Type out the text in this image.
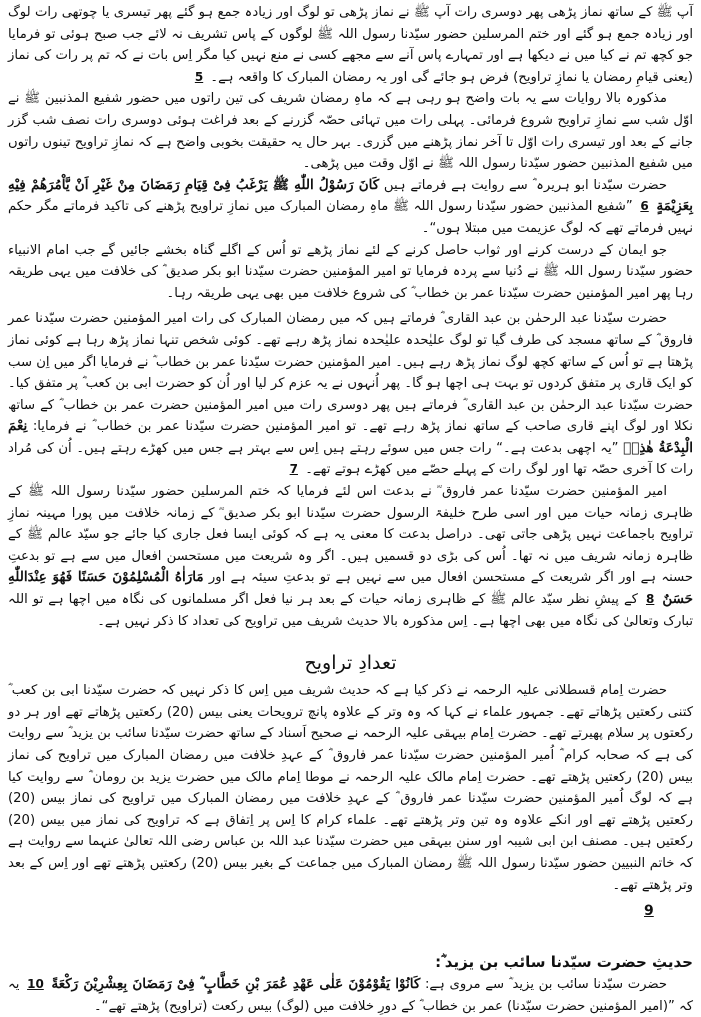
آپ ﷺ کے ساتھ نماز پڑھی پھر دوسری رات آپ ﷺ نے نماز پڑھی تو لوگ اور زیادہ جمع ہو گئے پھر تیسری یا چوتھی رات لوگ اور زیادہ جمع ہو گئے اور ختم المرسلین حضور سیّدنا رسول اللہ ﷺ لوگوں کے پاس تشریف نہ لائے جب صبح ہوئی تو فرمایا جو کچھ تم نے کیا میں نے دیکھا ہے اور تمہارے پاس آنے سے مجھے کسی نے منع نہیں کیا مگر اِس بات نے کہ تم پر رات کی نماز (یعنی قیامِ رمضان یا نمازِ تراویح) فرض ہو جائے گی اور یہ رمضان المبارک کا واقعہ ہے۔ 5

مذکورہ بالا روایات سے یہ بات واضح ہو رہی ہے کہ ماہِ رمضان شریف کی تین راتوں میں حضور شفیع المذنبین ﷺ نے اوّل شب سے نمازِ تراویح شروع فرمائی۔ پہلی رات میں تہائی حصّہ گزرنے کے بعد فراغت ہوئی دوسری رات نصف شب گزر جانے کے بعد اور تیسری رات اوّل تا آخر نماز پڑھنے میں گزری۔ بہر حال یہ حقیقت بخوبی واضح ہے کہ نمازِ تراویح تینوں راتوں میں شفیع المذنبین حضور سیّدنا رسول اللہ ﷺ نے اوّل وقت میں پڑھی۔

حضرت سیّدنا ابو ہریرہ ؓ سے روایت ہے فرماتے ہیں کَانَ رَسُوْلُ اللّٰهِ ﷺ یَرْغَبُ فِیْ قِیَامِ رَمَضَانَ مِنْ غَیْرِ اَنْ یَّاْمُرَهُمْ فِیْهِ بِعَزِیْمَةٍ 6 ”شفیع المذنبین حضور سیّدنا رسول اللہ ﷺ ماہِ رمضان المبارک میں نمازِ تراویح پڑھنے کی تاکید فرماتے مگر حکم نہیں فرماتے تھے کہ لوگ عزیمت میں مبتلا ہوں“۔

جو ایمان کے درست کرنے اور ثواب حاصل کرنے کے لئے نماز پڑھے تو اُس کے اگلے گناہ بخشے جائیں گے جب امام الانبیاء حضور سیّدنا رسول اللہ ﷺ نے دُنیا سے پردہ فرمایا تو امیر المؤمنین حضرت سیّدنا ابو بکر صدیق ؓ کی خلافت میں یہی طریقہ رہا پھر امیر المؤمنین حضرت سیّدنا عمر بن خطاب ؓ کی شروع خلافت میں بھی یہی طریقہ رہا۔

حضرت سیّدنا عبد الرحمٰن بن عبد القاری ؓ فرماتے ہیں کہ میں رمضان المبارک کی رات امیر المؤمنین حضرت سیّدنا عمر فاروق ؓ کے ساتھ مسجد کی طرف گیا تو لوگ علیٰحدہ علیٰحدہ نماز پڑھ رہے تھے۔ کوئی شخص تنہا نماز پڑھ رہا ہے کوئی نماز پڑھتا ہے تو اُس کے ساتھ کچھ لوگ نماز پڑھ رہے ہیں۔ امیر المؤمنین حضرت سیّدنا عمر بن خطاب ؓ نے فرمایا اگر میں اِن سب کو ایک قاری پر متفق کردوں تو بہت ہی اچھا ہو گا۔ پھر اُنہوں نے یہ عزم کر لیا اور اُن کو حضرت ابی بن کعب ؓ پر متفق کیا۔ حضرت سیّدنا عبد الرحمٰن بن عبد القاری ؓ فرماتے ہیں پھر دوسری رات میں امیر المؤمنین حضرت عمر بن خطاب ؓ کے ساتھ نکلا اور لوگ اپنے قاری صاحب کے ساتھ نماز پڑھ رہے تھے۔ تو امیر المؤمنین حضرت سیّدنا عمر بن خطاب ؓ نے فرمایا: نِعْمَ الْبِدْعَةُ هٰذِهٖ ”یہ اچھی بدعت ہے۔“ رات جس میں سوئے رہتے ہیں اِس سے بہتر ہے جس میں کھڑے رہتے ہیں۔ اُن کی مُراد رات کا آخری حصّہ تھا اور لوگ رات کے پہلے حصّے میں کھڑے ہوتے تھے۔ 7

امیر المؤمنین حضرت سیّدنا عمر فاروق ؓ نے بدعت اس لئے فرمایا کہ ختم المرسلین حضور سیّدنا رسول اللہ ﷺ کے ظاہری زمانہ حیات میں اور اسی طرح خلیفۃ الرسول حضرت سیّدنا ابو بکر صدیق ؓ کے زمانہ خلافت میں پورا مہینہ نمازِ تراویح باجماعت نہیں پڑھی جاتی تھی۔ دراصل بدعت کا معنی یہ ہے کہ کوئی ایسا فعل جاری کیا جائے جو سیّد عالم ﷺ کے ظاہرہ زمانہ شریف میں نہ تھا۔ اُس کی بڑی دو قسمیں ہیں۔ اگر وہ شریعت میں مستحسن افعال میں سے ہے تو بدعتِ حسنہ ہے اور اگر شریعت کے مستحسن افعال میں سے نہیں ہے تو بدعتِ سیئہ ہے اور مَارَاٰهُ الْمُسْلِمُوْنَ حَسَنًا فَهُوَ عِنْدَاللّٰهِ حَسَنٌ 8 کے پیشِ نظر سیّد عالم ﷺ کے ظاہری زمانہ حیات کے بعد ہر نیا فعل اگر مسلمانوں کی نگاہ میں اچھا ہے تو اللہ تبارک وتعالیٰ کی نگاہ میں بھی اچھا ہے۔ اِس مذکورہ بالا حدیث شریف میں تراویح کی تعداد کا ذکر نہیں ہے۔

تعدادِ تراویح

حضرت اِمام قسطلانی علیہ الرحمہ نے ذکر کیا ہے کہ حدیث شریف میں اِس کا ذکر نہیں کہ حضرت سیّدنا ابی بن کعب ؓ کتنی رکعتیں پڑھاتے تھے۔ جمہور علماء نے کہا کہ وہ وتر کے علاوہ پانچ ترویحات یعنی بیس (20) رکعتیں پڑھاتے تھے اور ہر دو رکعتوں پر سلام پھیرتے تھے۔ حضرت اِمام بیہقی علیہ الرحمہ نے صحیح اَسناد کے ساتھ حضرت سیّدنا سائب بن یزید ؓ سے روایت کی ہے کہ صحابہ کرام ؓ اُمیر المؤمنین حضرت سیّدنا عمر فاروق ؓ کے عہدِ خلافت میں رمضان المبارک میں تراویح کی نماز بیس (20) رکعتیں پڑھتے تھے۔ حضرت اِمام مالک علیہ الرحمہ نے موطا اِمام مالک میں حضرت یزید بن رومان ؓ سے روایت کیا ہے کہ لوگ اُمیر المؤمنین حضرت سیّدنا عمر فاروق ؓ کے عہدِ خلافت میں رمضان المبارک میں تراویح کی نماز بیس (20) رکعتیں پڑھتے تھے اور انکے علاوہ وہ تین وتر پڑھتے تھے۔ علماء کرام کا اِس پر اِتفاق ہے کہ تراویح کی نماز میں بیس (20) رکعتیں ہیں۔ مصنف ابن ابی شیبہ اور سنن بیہقی میں حضرت سیّدنا عبد اللہ بن عباس رضی اللہ تعالیٰ عنہما سے روایت ہے کہ خاتم النبیین حضور سیّدنا رسول اللہ ﷺ رمضان المبارک میں جماعت کے بغیر بیس (20) رکعتیں پڑھتے تھے اور اِس کے بعد وتر پڑھتے تھے۔

9

حدیثِ حضرت سیّدنا سائب بن یزید ؓ:

حضرت سیّدنا سائب بن یزید ؓ سے مروی ہے: کَانُوْا یَقُوْمُوْنَ عَلٰی عَهْدِ عُمَرَ بْنِ خَطَّابٍ ؓ فِیْ رَمَضَانَ بِعِشْرِیْنَ رَکْعَةً 10 یہ کہ ”(امیر المؤمنین حضرت سیّدنا) عمر بن خطاب ؓ کے دورِ خلافت میں (لوگ) بیس رکعت (تراویح) پڑھتے تھے“۔
